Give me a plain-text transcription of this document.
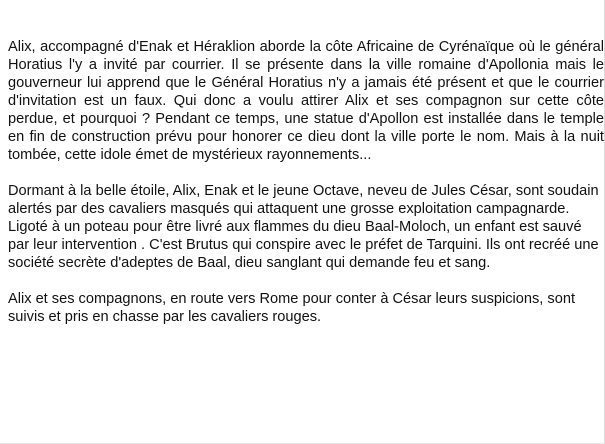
Alix, accompagné d'Enak et Héraklion aborde la côte Africaine de Cyrénaïque où le général Horatius l'y a invité par courrier. Il se présente dans la ville romaine d'Apollonia mais le gouverneur lui apprend que le Général Horatius n'y a jamais été présent et que le courrier d'invitation est un faux. Qui donc a voulu attirer Alix et ses compagnon sur cette côte perdue, et pourquoi ? Pendant ce temps, une statue d'Apollon est installée dans le temple en fin de construction prévu pour honorer ce dieu dont la ville porte le nom. Mais à la nuit tombée, cette idole émet de mystérieux rayonnements...

Dormant à la belle étoile, Alix, Enak et le jeune Octave, neveu de Jules César, sont soudain alertés par des cavaliers masqués qui attaquent une grosse exploitation campagnarde. Ligoté à un poteau pour être livré aux flammes du dieu Baal-Moloch, un enfant est sauvé par leur intervention . C'est Brutus qui conspire avec le préfet de Tarquini. Ils ont recréé une société secrète d'adeptes de Baal, dieu sanglant qui demande feu et sang.

Alix et ses compagnons, en route vers Rome pour conter à César leurs suspicions, sont suivis et pris en chasse par les cavaliers rouges.
